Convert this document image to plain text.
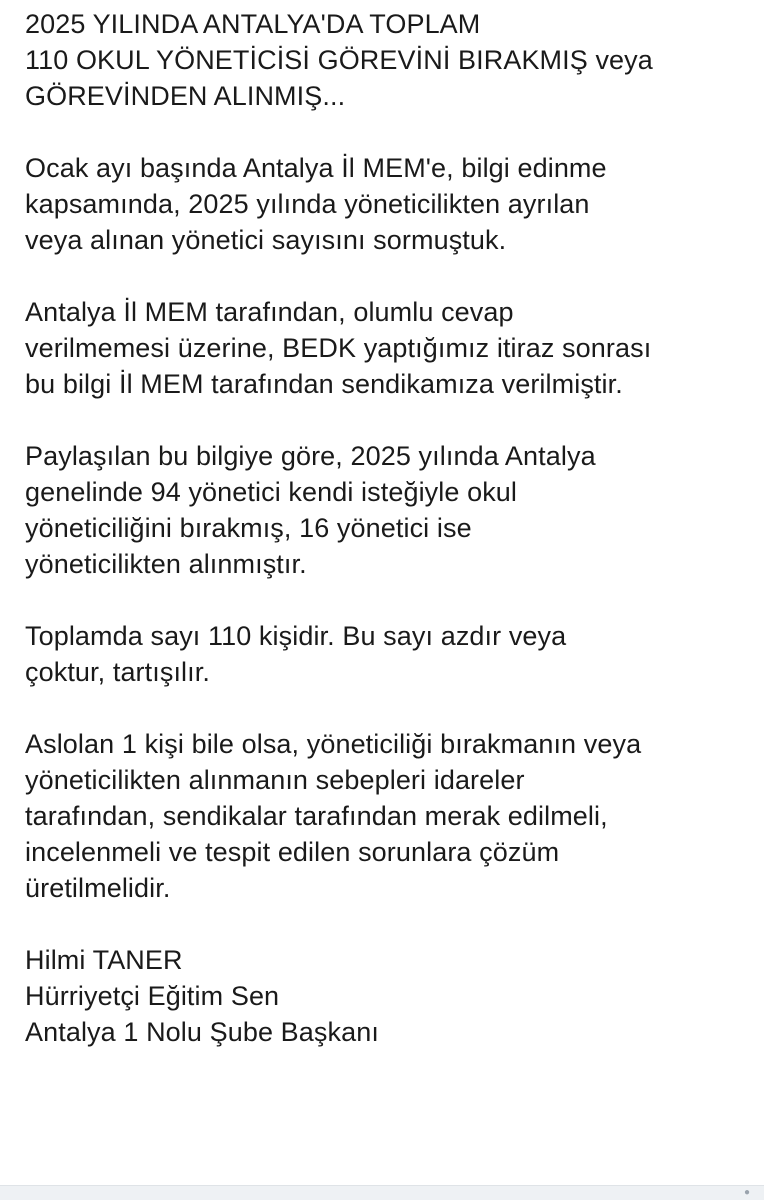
2025 YILINDA ANTALYA'DA TOPLAM
110 OKUL YÖNETİCİSİ GÖREVİNİ BIRAKMIŞ veya
GÖREVİNDEN ALINMIŞ...
Ocak ayı başında Antalya İl MEM'e, bilgi edinme
kapsamında, 2025 yılında yöneticilikten ayrılan
veya alınan yönetici sayısını sormuştuk.
Antalya İl MEM tarafından, olumlu cevap
verilmemesi üzerine, BEDK yaptığımız itiraz sonrası
bu bilgi İl MEM tarafından sendikamıza verilmiştir.
Paylaşılan bu bilgiye göre, 2025 yılında Antalya
genelinde 94 yönetici kendi isteğiyle okul
yöneticiliğini bırakmış, 16 yönetici ise
yöneticilikten alınmıştır.
Toplamda sayı 110 kişidir. Bu sayı azdır veya
çoktur, tartışılır.
Aslolan 1 kişi bile olsa, yöneticiliği bırakmanın veya
yöneticilikten alınmanın sebepleri idareler
tarafından, sendikalar tarafından merak edilmeli,
incelenmeli ve tespit edilen sorunlara çözüm
üretilmelidir.
Hilmi TANER
Hürriyetçi Eğitim Sen
Antalya 1 Nolu Şube Başkanı
●
